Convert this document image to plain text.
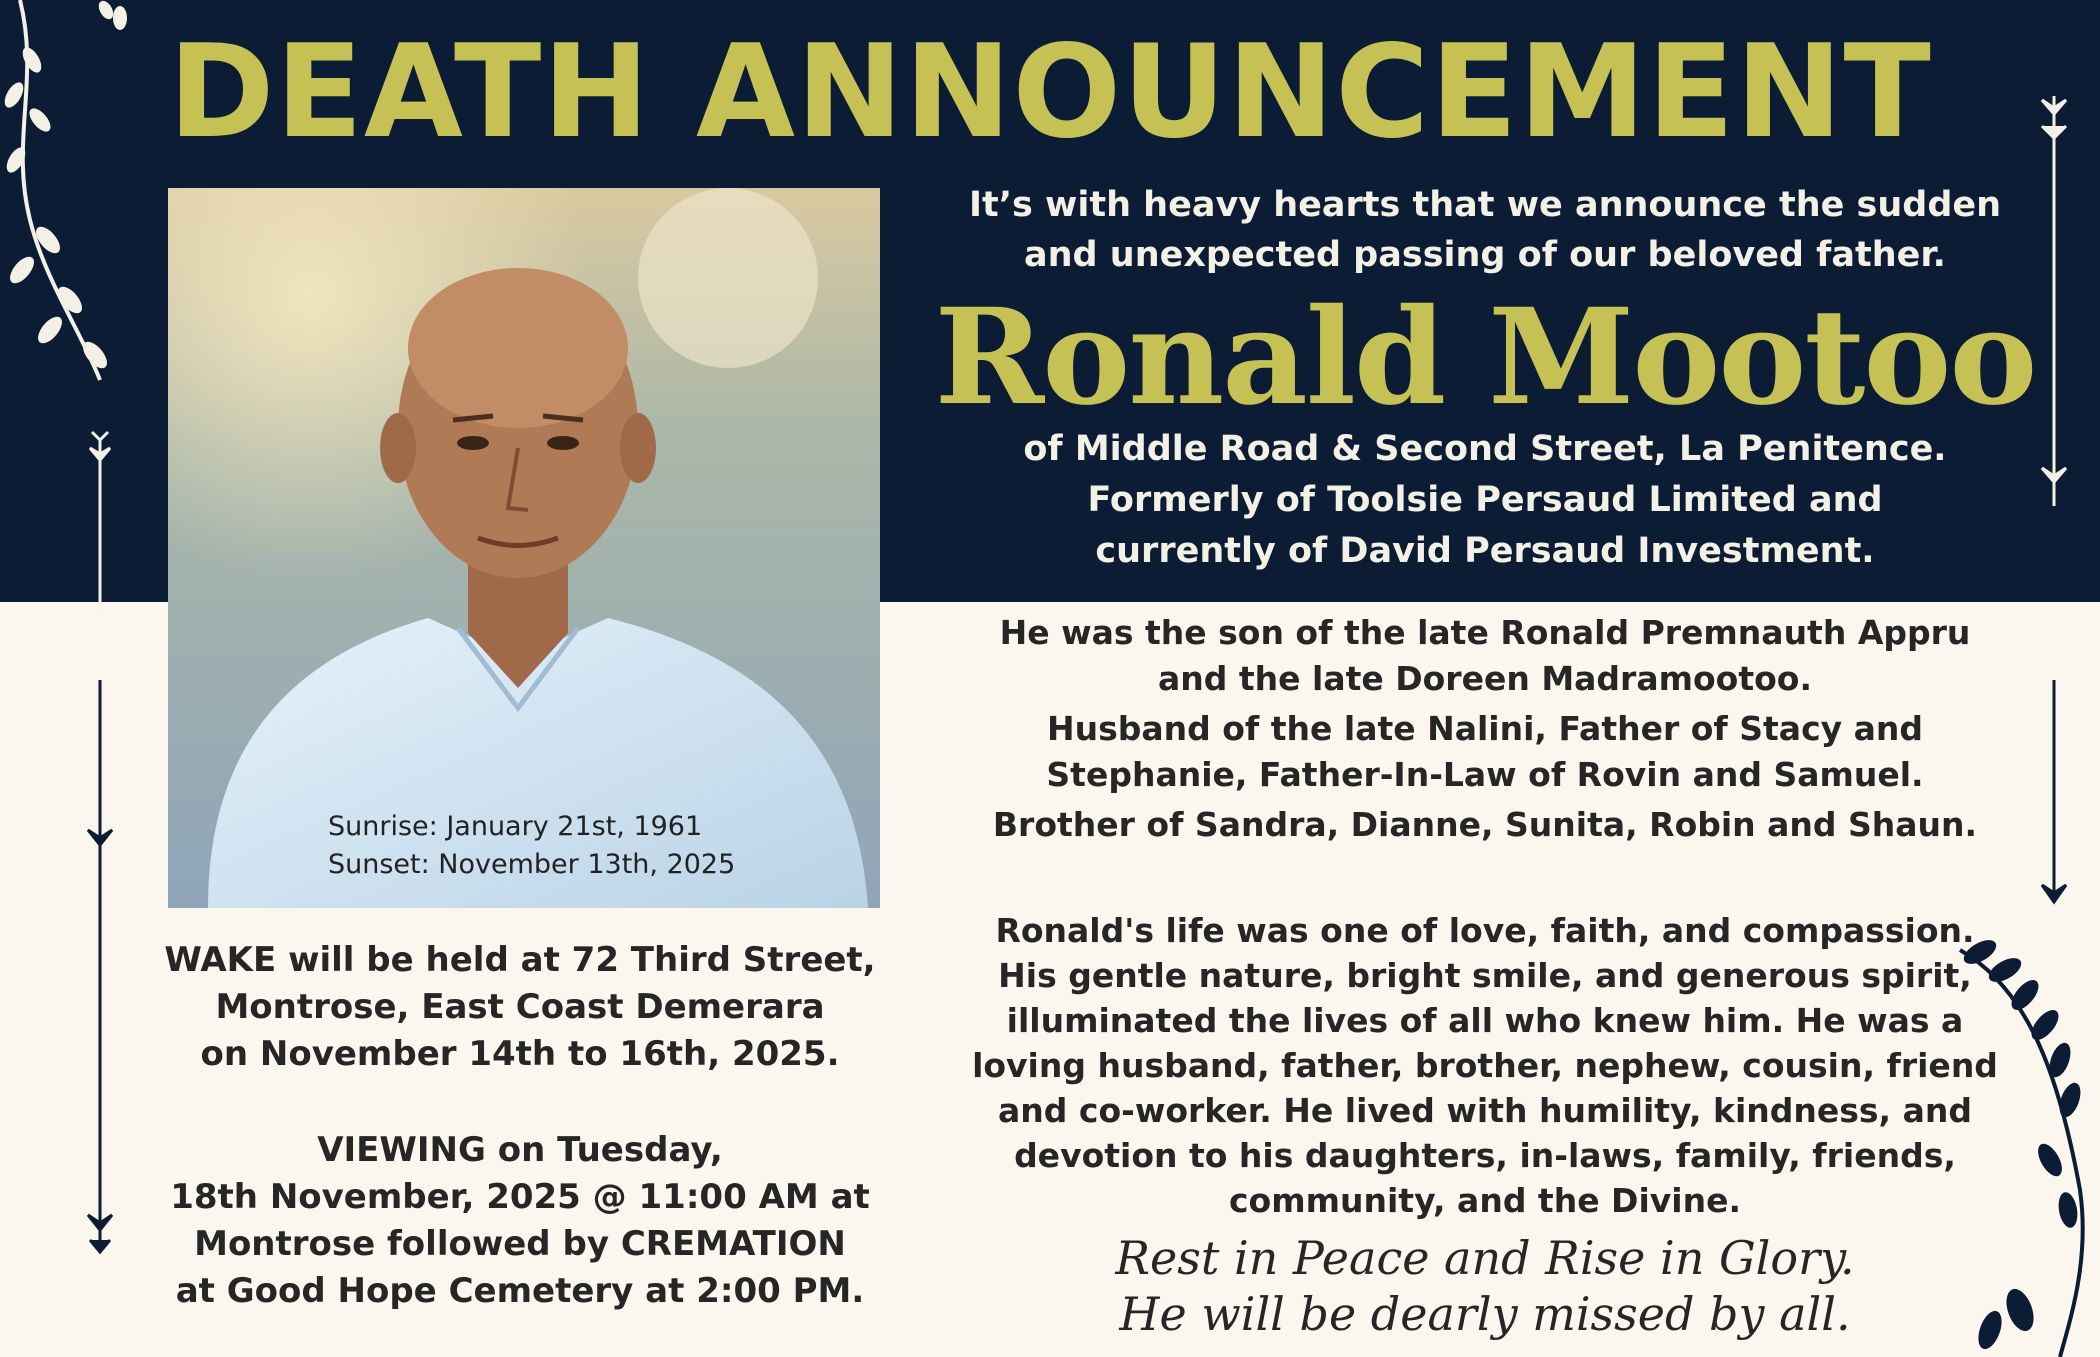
DEATH ANNOUNCEMENT
Sunrise: January 21st, 1961
Sunset: November 13th, 2025
It’s with heavy hearts that we announce the sudden
and unexpected passing of our beloved father.
Ronald Mootoo
of Middle Road & Second Street, La Penitence.
Formerly of Toolsie Persaud Limited and
currently of David Persaud Investment.
He was the son of the late Ronald Premnauth Appru
and the late Doreen Madramootoo.
Husband of the late Nalini, Father of Stacy and
Stephanie, Father-In-Law of Rovin and Samuel.
Brother of Sandra, Dianne, Sunita, Robin and Shaun.
Ronald's life was one of love, faith, and compassion.
His gentle nature, bright smile, and generous spirit,
illuminated the lives of all who knew him. He was a
loving husband, father, brother, nephew, cousin, friend
and co-worker. He lived with humility, kindness, and
devotion to his daughters, in-laws, family, friends,
community, and the Divine.
Rest in Peace and Rise in Glory.
He will be dearly missed by all.
WAKE will be held at 72 Third Street,
Montrose, East Coast Demerara
on November 14th to 16th, 2025.
VIEWING on Tuesday,
18th November, 2025 @ 11:00 AM at
Montrose followed by CREMATION
at Good Hope Cemetery at 2:00 PM.
